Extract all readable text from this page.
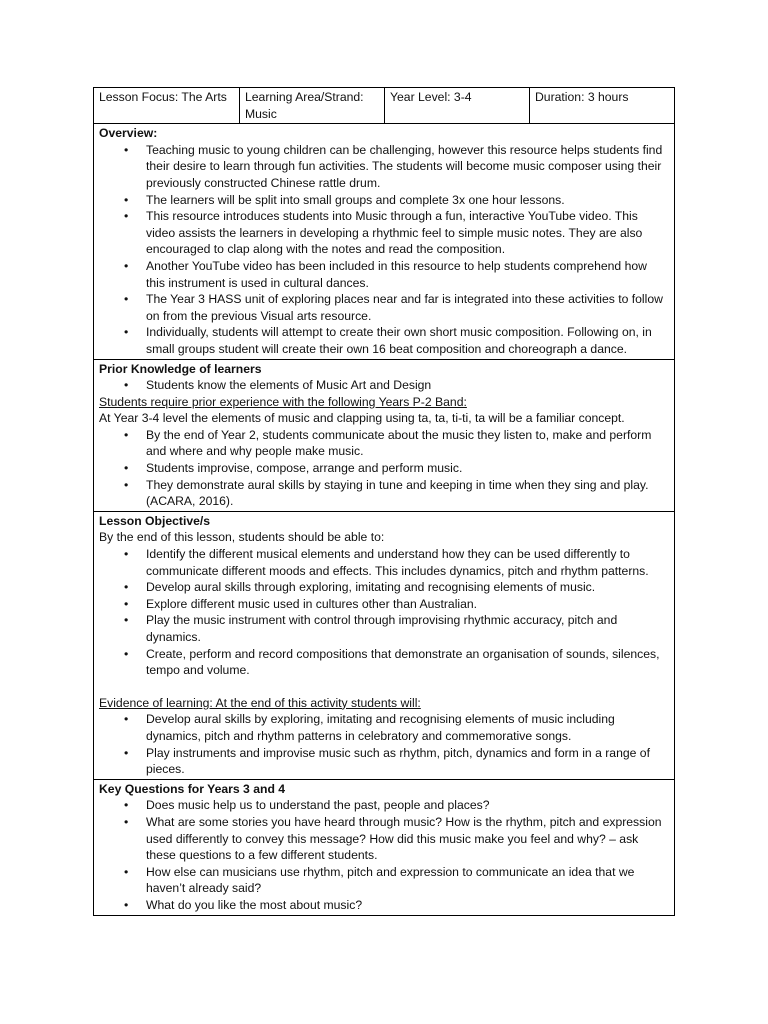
Lesson Focus: The Arts	Learning Area/Strand: Music	Year Level: 3-4	Duration: 3 hours

Overview:
• Teaching music to young children can be challenging, however this resource helps students find their desire to learn through fun activities. The students will become music composer using their previously constructed Chinese rattle drum.
• The learners will be split into small groups and complete 3x one hour lessons.
• This resource introduces students into Music through a fun, interactive YouTube video. This video assists the learners in developing a rhythmic feel to simple music notes. They are also encouraged to clap along with the notes and read the composition.
• Another YouTube video has been included in this resource to help students comprehend how this instrument is used in cultural dances.
• The Year 3 HASS unit of exploring places near and far is integrated into these activities to follow on from the previous Visual arts resource.
• Individually, students will attempt to create their own short music composition. Following on, in small groups student will create their own 16 beat composition and choreograph a dance.

Prior Knowledge of learners
• Students know the elements of Music Art and Design
Students require prior experience with the following Years P-2 Band:
At Year 3-4 level the elements of music and clapping using ta, ta, ti-ti, ta will be a familiar concept.
• By the end of Year 2, students communicate about the music they listen to, make and perform and where and why people make music.
• Students improvise, compose, arrange and perform music.
• They demonstrate aural skills by staying in tune and keeping in time when they sing and play. (ACARA, 2016).

Lesson Objective/s
By the end of this lesson, students should be able to:
• Identify the different musical elements and understand how they can be used differently to communicate different moods and effects. This includes dynamics, pitch and rhythm patterns.
• Develop aural skills through exploring, imitating and recognising elements of music.
• Explore different music used in cultures other than Australian.
• Play the music instrument with control through improvising rhythmic accuracy, pitch and dynamics.
• Create, perform and record compositions that demonstrate an organisation of sounds, silences, tempo and volume.
Evidence of learning: At the end of this activity students will:
• Develop aural skills by exploring, imitating and recognising elements of music including dynamics, pitch and rhythm patterns in celebratory and commemorative songs.
• Play instruments and improvise music such as rhythm, pitch, dynamics and form in a range of pieces.

Key Questions for Years 3 and 4
• Does music help us to understand the past, people and places?
• What are some stories you have heard through music? How is the rhythm, pitch and expression used differently to convey this message? How did this music make you feel and why? – ask these questions to a few different students.
• How else can musicians use rhythm, pitch and expression to communicate an idea that we haven’t already said?
• What do you like the most about music?
